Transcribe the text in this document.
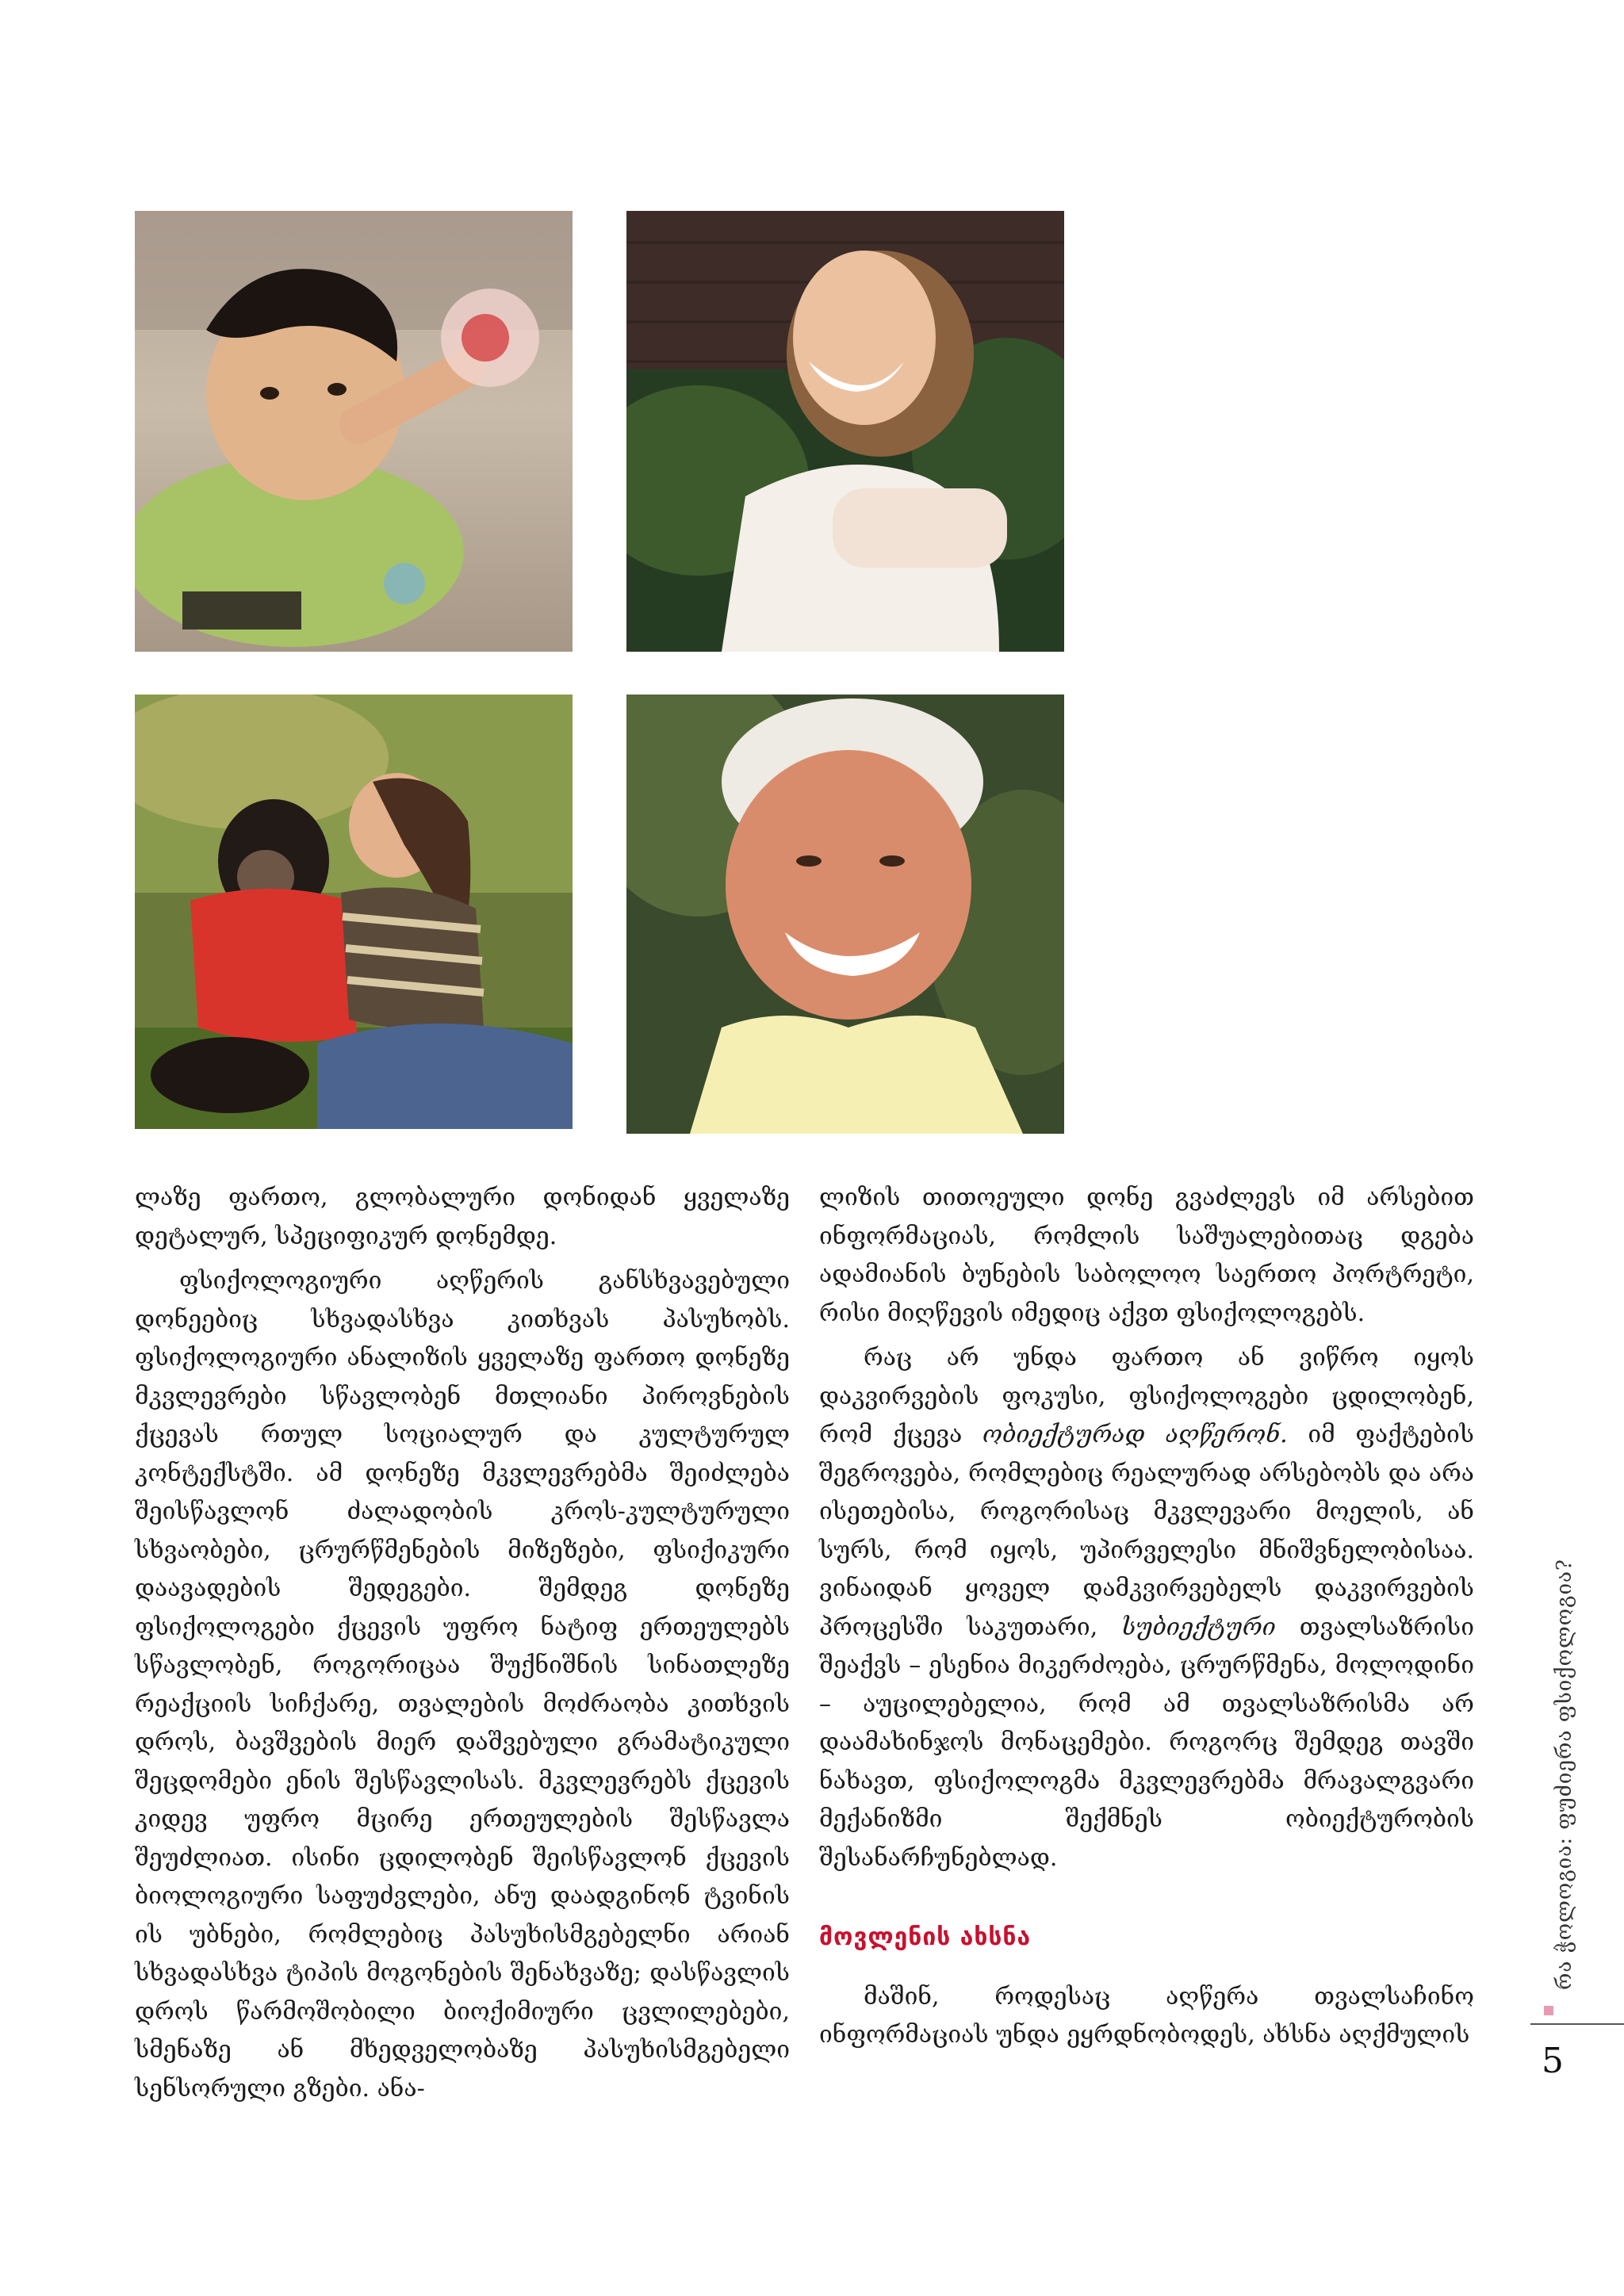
ლაზე ფართო, გლობალური დონიდან ყველაზე დეტალურ, სპეციფიკურ დონემდე.

ფსიქოლოგიური აღწერის განსხვავებული დონეებიც სხვადასხვა კითხვას პასუხობს. ფსიქოლოგიური ანალიზის ყველაზე ფართო დონეზე მკვლევრები სწავლობენ მთლიანი პიროვნების ქცევას რთულ სოციალურ და კულტურულ კონტექსტში. ამ დონეზე მკვლევრებმა შეიძლება შეისწავლონ ძალადობის კროს-კულტურული სხვაობები, ცრურწმენების მიზეზები, ფსიქიკური დაავადების შედეგები. შემდეგ დონეზე ფსიქოლოგები ქცევის უფრო ნატიფ ერთეულებს სწავლობენ, როგორიცაა შუქნიშნის სინათლეზე რეაქციის სიჩქარე, თვალების მოძრაობა კითხვის დროს, ბავშვების მიერ დაშვებული გრამატიკული შეცდომები ენის შესწავლისას. მკვლევრებს ქცევის კიდევ უფრო მცირე ერთეულების შესწავლა შეუძლიათ. ისინი ცდილობენ შეისწავლონ ქცევის ბიოლოგიური საფუძვლები, ანუ დაადგინონ ტვინის ის უბნები, რომლებიც პასუხისმგებელნი არიან სხვადასხვა ტიპის მოგონების შენახვაზე; დასწავლის დროს წარმოშობილი ბიოქიმიური ცვლილებები, სმენაზე ან მხედველობაზე პასუხისმგებელი სენსორული გზები. ანა-

ლიზის თითოეული დონე გვაძლევს იმ არსებით ინფორმაციას, რომლის საშუალებითაც დგება ადამიანის ბუნების საბოლოო საერთო პორტრეტი, რისი მიღწევის იმედიც აქვთ ფსიქოლოგებს.

რაც არ უნდა ფართო ან ვიწრო იყოს დაკვირვების ფოკუსი, ფსიქოლოგები ცდილობენ, რომ ქცევა ობიექტურად აღწერონ. იმ ფაქტების შეგროვება, რომლებიც რეალურად არსებობს და არა ისეთებისა, როგორისაც მკვლევარი მოელის, ან სურს, რომ იყოს, უპირველესი მნიშვნელობისაა. ვინაიდან ყოველ დამკვირვებელს დაკვირვების პროცესში საკუთარი, სუბიექტური თვალსაზრისი შეაქვს – ესენია მიკერძოება, ცრურწმენა, მოლოდინი – აუცილებელია, რომ ამ თვალსაზრისმა არ დაამახინჯოს მონაცემები. როგორც შემდეგ თავში ნახავთ, ფსიქოლოგმა მკვლევრებმა მრავალგვარი მექანიზმი შექმნეს ობიექტურობის შესანარჩუნებლად.

მოვლენის ახსნა

მაშინ, როდესაც აღწერა თვალსაჩინო ინფორმაციას უნდა ეყრდნობოდეს, ახსნა აღქმულის

რა ჭოლოგია: ფუძიერა ფსიქოლოგია?
5
